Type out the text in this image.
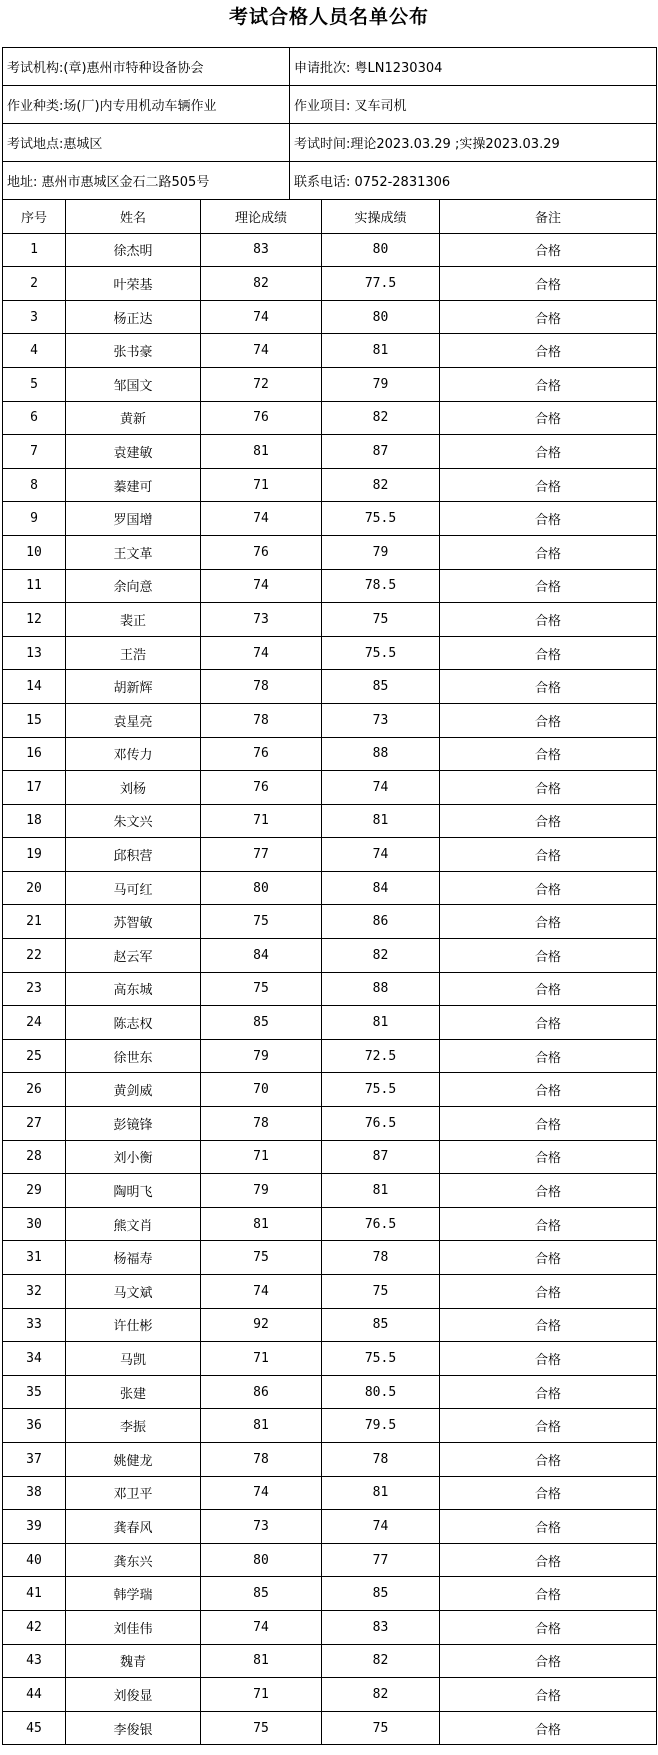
考试合格人员名单公布
考试机构:(章)惠州市特种设备协会	申请批次: 粤LN1230304
作业种类:场(厂)内专用机动车辆作业	作业项目: 叉车司机
考试地点:惠城区	考试时间:理论2023.03.29 ;实操2023.03.29
地址: 惠州市惠城区金石二路505号	联系电话: 0752-2831306
序号	姓名	理论成绩	实操成绩	备注
1	徐杰明	83	80	合格
2	叶荣基	82	77.5	合格
3	杨正达	74	80	合格
4	张书豪	74	81	合格
5	邹国文	72	79	合格
6	黄新	76	82	合格
7	袁建敏	81	87	合格
8	蓁建可	71	82	合格
9	罗国增	74	75.5	合格
10	王文革	76	79	合格
11	余向意	74	78.5	合格
12	裴正	73	75	合格
13	王浩	74	75.5	合格
14	胡新辉	78	85	合格
15	袁星亮	78	73	合格
16	邓传力	76	88	合格
17	刘杨	76	74	合格
18	朱文兴	71	81	合格
19	邱积营	77	74	合格
20	马可红	80	84	合格
21	苏智敏	75	86	合格
22	赵云军	84	82	合格
23	高东城	75	88	合格
24	陈志权	85	81	合格
25	徐世东	79	72.5	合格
26	黄剑威	70	75.5	合格
27	彭镜锋	78	76.5	合格
28	刘小衡	71	87	合格
29	陶明飞	79	81	合格
30	熊文肖	81	76.5	合格
31	杨福寿	75	78	合格
32	马文斌	74	75	合格
33	许仕彬	92	85	合格
34	马凯	71	75.5	合格
35	张建	86	80.5	合格
36	李振	81	79.5	合格
37	姚健龙	78	78	合格
38	邓卫平	74	81	合格
39	龚春风	73	74	合格
40	龚东兴	80	77	合格
41	韩学瑞	85	85	合格
42	刘佳伟	74	83	合格
43	魏青	81	82	合格
44	刘俊显	71	82	合格
45	李俊银	75	75	合格
